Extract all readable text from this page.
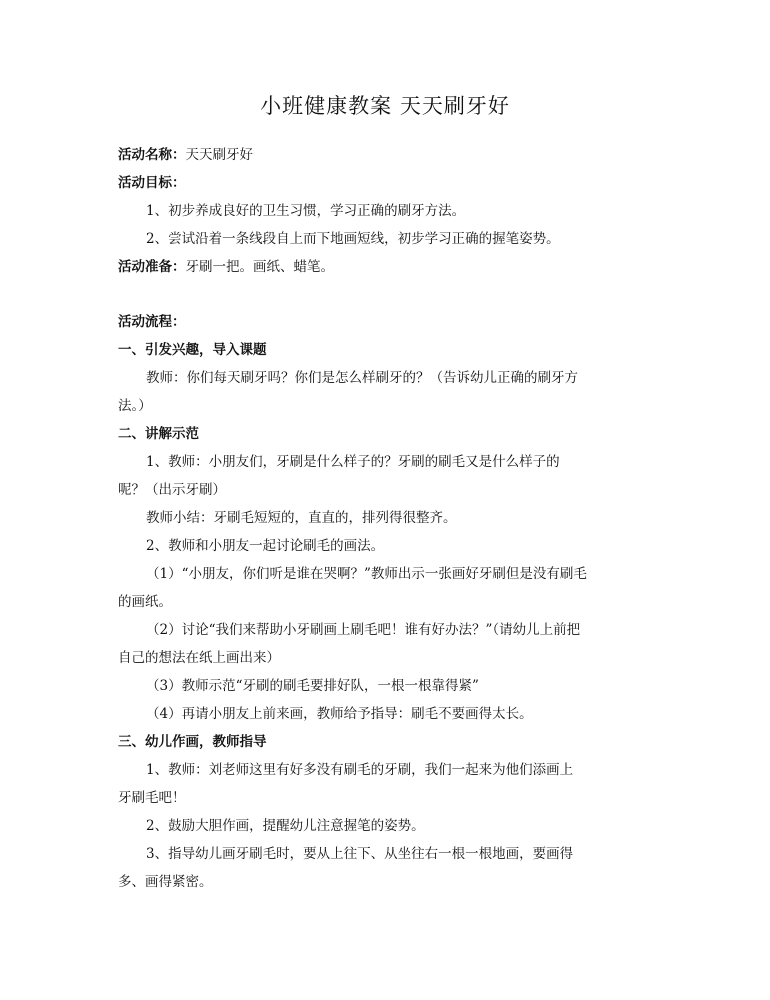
小班健康教案 天天刷牙好
活动名称：天天刷牙好
活动目标：
1、初步养成良好的卫生习惯，学习正确的刷牙方法。
2、尝试沿着一条线段自上而下地画短线，初步学习正确的握笔姿势。
活动准备：牙刷一把。画纸、蜡笔。
活动流程：
一、引发兴趣，导入课题
教师：你们每天刷牙吗？你们是怎么样刷牙的？（告诉幼儿正确的刷牙方
法。）
二、讲解示范
1、教师：小朋友们，牙刷是什么样子的？牙刷的刷毛又是什么样子的
呢？（出示牙刷）
教师小结：牙刷毛短短的，直直的，排列得很整齐。
2、教师和小朋友一起讨论刷毛的画法。
（1）“小朋友，你们听是谁在哭啊？”教师出示一张画好牙刷但是没有刷毛
的画纸。
（2）讨论“我们来帮助小牙刷画上刷毛吧！谁有好办法？”（请幼儿上前把
自己的想法在纸上画出来）
（3）教师示范“牙刷的刷毛要排好队，一根一根靠得紧”
（4）再请小朋友上前来画，教师给予指导：刷毛不要画得太长。
三、幼儿作画，教师指导
1、教师：刘老师这里有好多没有刷毛的牙刷，我们一起来为他们添画上
牙刷毛吧！
2、鼓励大胆作画，提醒幼儿注意握笔的姿势。
3、指导幼儿画牙刷毛时，要从上往下、从坐往右一根一根地画，要画得
多、画得紧密。
